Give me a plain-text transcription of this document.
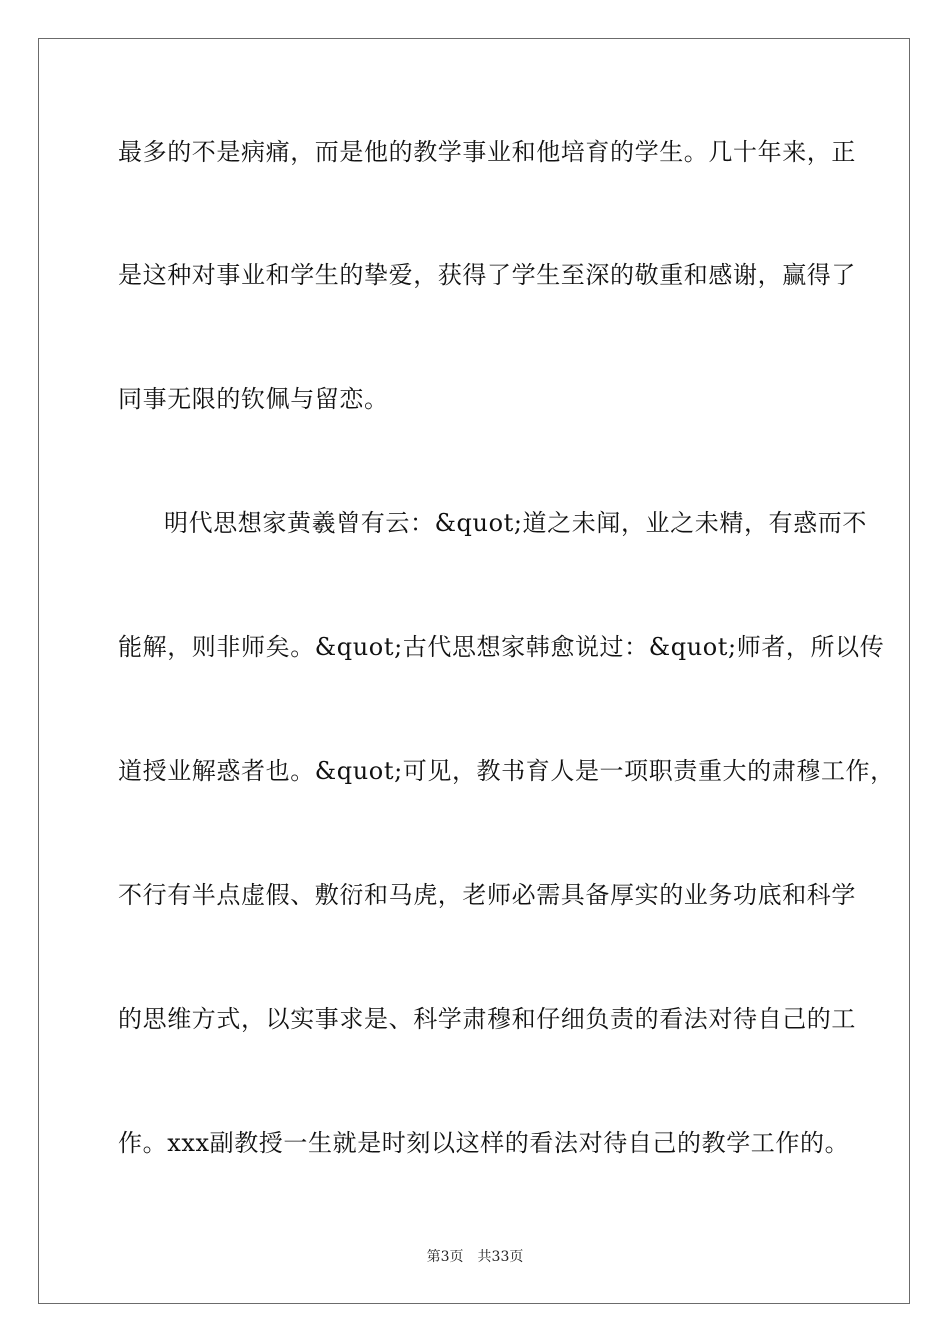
最多的不是病痛，而是他的教学事业和他培育的学生。几十年来，正

是这种对事业和学生的挚爱，获得了学生至深的敬重和感谢，赢得了

同事无限的钦佩与留恋。

明代思想家黄羲曾有云：&quot;道之未闻，业之未精，有惑而不

能解，则非师矣。&quot;古代思想家韩愈说过：&quot;师者，所以传

道授业解惑者也。&quot;可见，教书育人是一项职责重大的肃穆工作，

不行有半点虚假、敷衍和马虎，老师必需具备厚实的业务功底和科学

的思维方式，以实事求是、科学肃穆和仔细负责的看法对待自己的工

作。xxx副教授一生就是时刻以这样的看法对待自己的教学工作的。

第3页 共33页
